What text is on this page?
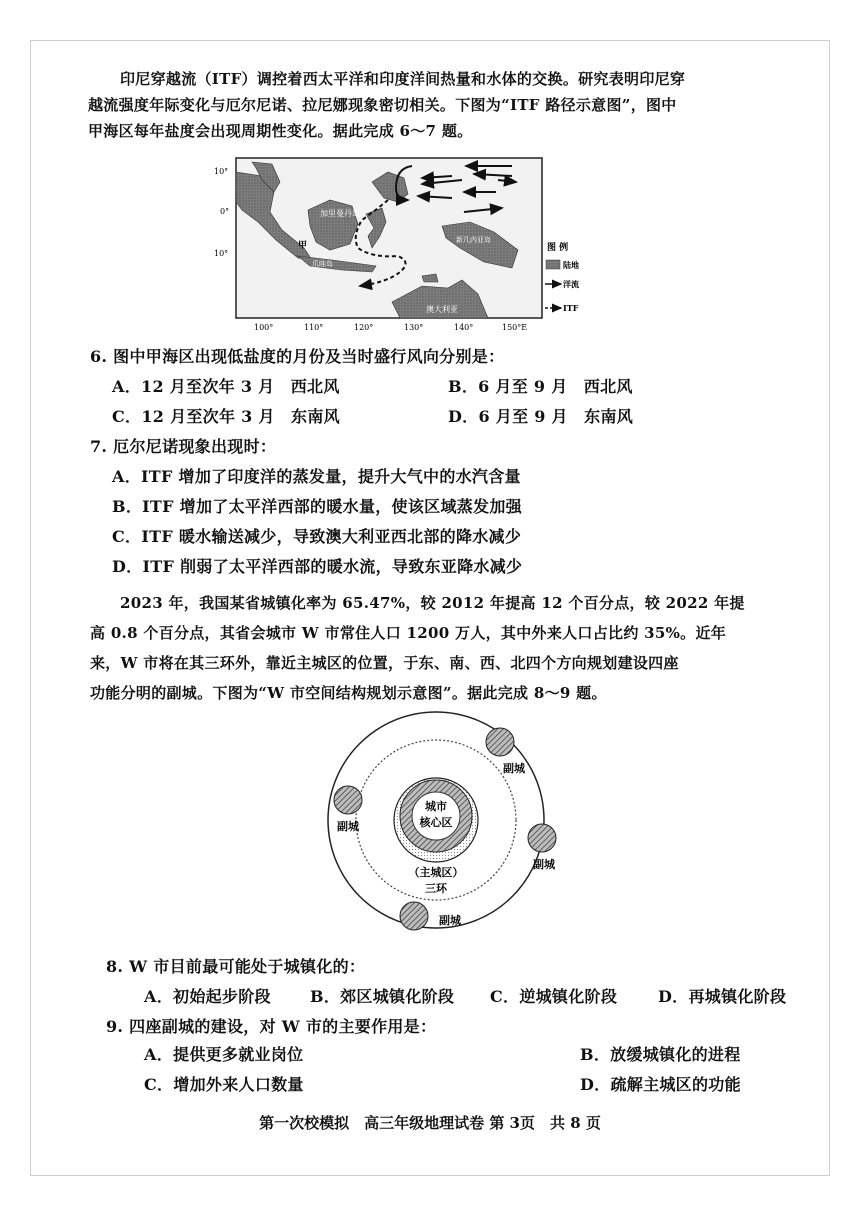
印尼穿越流（ITF）调控着西太平洋和印度洋间热量和水体的交换。研究表明印尼穿
越流强度年际变化与厄尔尼诺、拉尼娜现象密切相关。下图为“ITF 路径示意图”，图中
甲海区每年盐度会出现周期性变化。据此完成 6～7 题。
加里曼丹岛
甲
爪哇岛
新几内亚岛
澳大利亚
10°
0°
10°
100°	110°	120°	130°	140°	150°E
图 例
陆地
洋流
ITF
6. 图中甲海区出现低盐度的月份及当时盛行风向分别是：
A．12 月至次年 3 月　西北风	B．6 月至 9 月　西北风
C．12 月至次年 3 月　东南风	D．6 月至 9 月　东南风
7. 厄尔尼诺现象出现时：
A．ITF 增加了印度洋的蒸发量，提升大气中的水汽含量
B．ITF 增加了太平洋西部的暖水量，使该区域蒸发加强
C．ITF 暖水输送减少，导致澳大利亚西北部的降水减少
D．ITF 削弱了太平洋西部的暖水流，导致东亚降水减少
2023 年，我国某省城镇化率为 65.47%，较 2012 年提高 12 个百分点，较 2022 年提
高 0.8 个百分点，其省会城市 W 市常住人口 1200 万人，其中外来人口占比约 35%。近年
来，W 市将在其三环外，靠近主城区的位置，于东、南、西、北四个方向规划建设四座
功能分明的副城。下图为“W 市空间结构规划示意图”。据此完成 8～9 题。
城市
核心区
（主城区）
三环
副城
副城
副城
副城
8. W 市目前最可能处于城镇化的：
A．初始起步阶段 B．郊区城镇化阶段 C．逆城镇化阶段	D．再城镇化阶段
9. 四座副城的建设，对 W 市的主要作用是：
A．提供更多就业岗位	B．放缓城镇化的进程
C．增加外来人口数量	D．疏解主城区的功能
第一次校模拟　高三年级地理试卷 第 3页　共 8 页
